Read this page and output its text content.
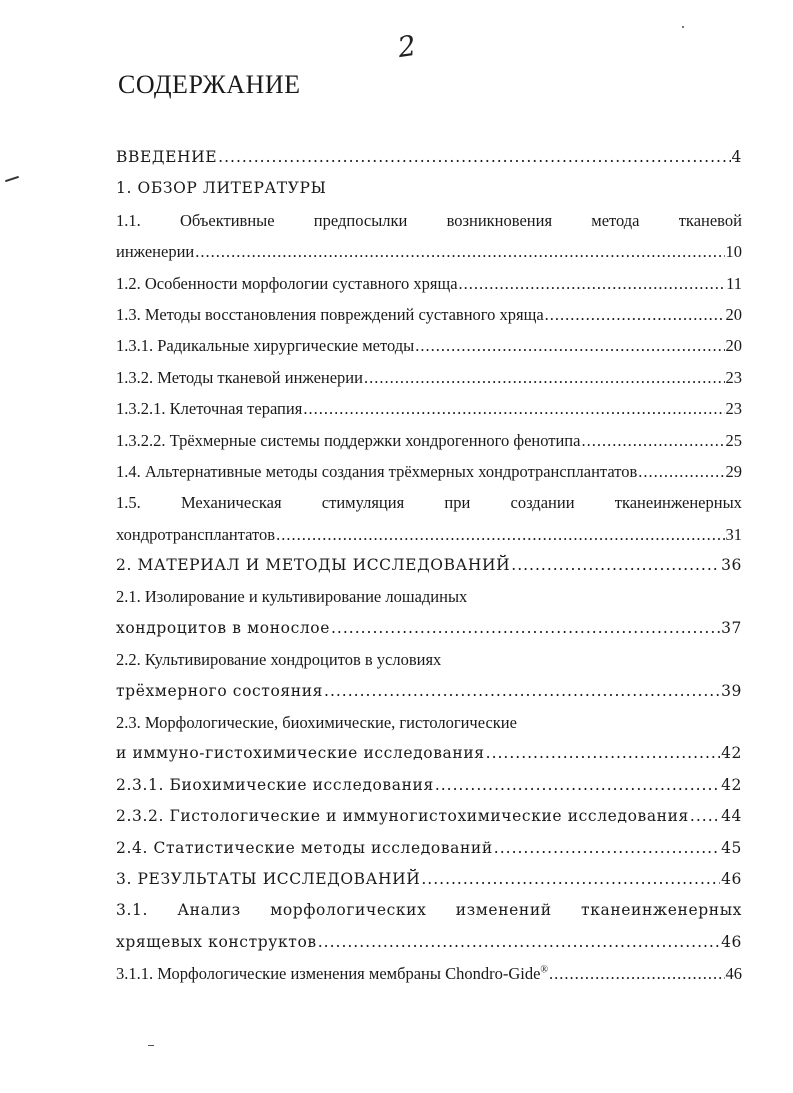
2
СОДЕРЖАНИЕ
ВВЕДЕНИЕ .....	4
1. ОБЗОР ЛИТЕРАТУРЫ
1.1. Объективные предпосылки возникновения метода тканевой
инженерии .....	10
1.2. Особенности морфологии суставного хряща .....	11
1.3. Методы восстановления повреждений суставного хряща .....	20
1.3.1. Радикальные хирургические методы .....	20
1.3.2. Методы тканевой инженерии .....	23
1.3.2.1. Клеточная терапия .....	23
1.3.2.2. Трёхмерные системы поддержки хондрогенного фенотипа .....	25
1.4. Альтернативные методы создания трёхмерных хондротрансплантатов .....	29
1.5. Механическая стимуляция при создании тканеинженерных
хондротрансплантатов .....	31
2. МАТЕРИАЛ И МЕТОДЫ ИССЛЕДОВАНИЙ .....	36
2.1. Изолирование и культивирование лошадиных
хондроцитов в монослое .....	37
2.2. Культивирование хондроцитов в условиях
трёхмерного состояния .....	39
2.3. Морфологические, биохимические, гистологические
и иммуно-гистохимические исследования .....	42
2.3.1. Биохимические исследования .....	42
2.3.2. Гистологические и иммуногистохимические исследования ..... 44
2.4. Статистические методы исследований .....	45
3. РЕЗУЛЬТАТЫ ИССЛЕДОВАНИЙ .....	46
3.1. Анализ морфологических изменений тканеинженерных
хрящевых конструктов .....	46
3.1.1. Морфологические изменения мембраны Chondro-Gide® .....	46
